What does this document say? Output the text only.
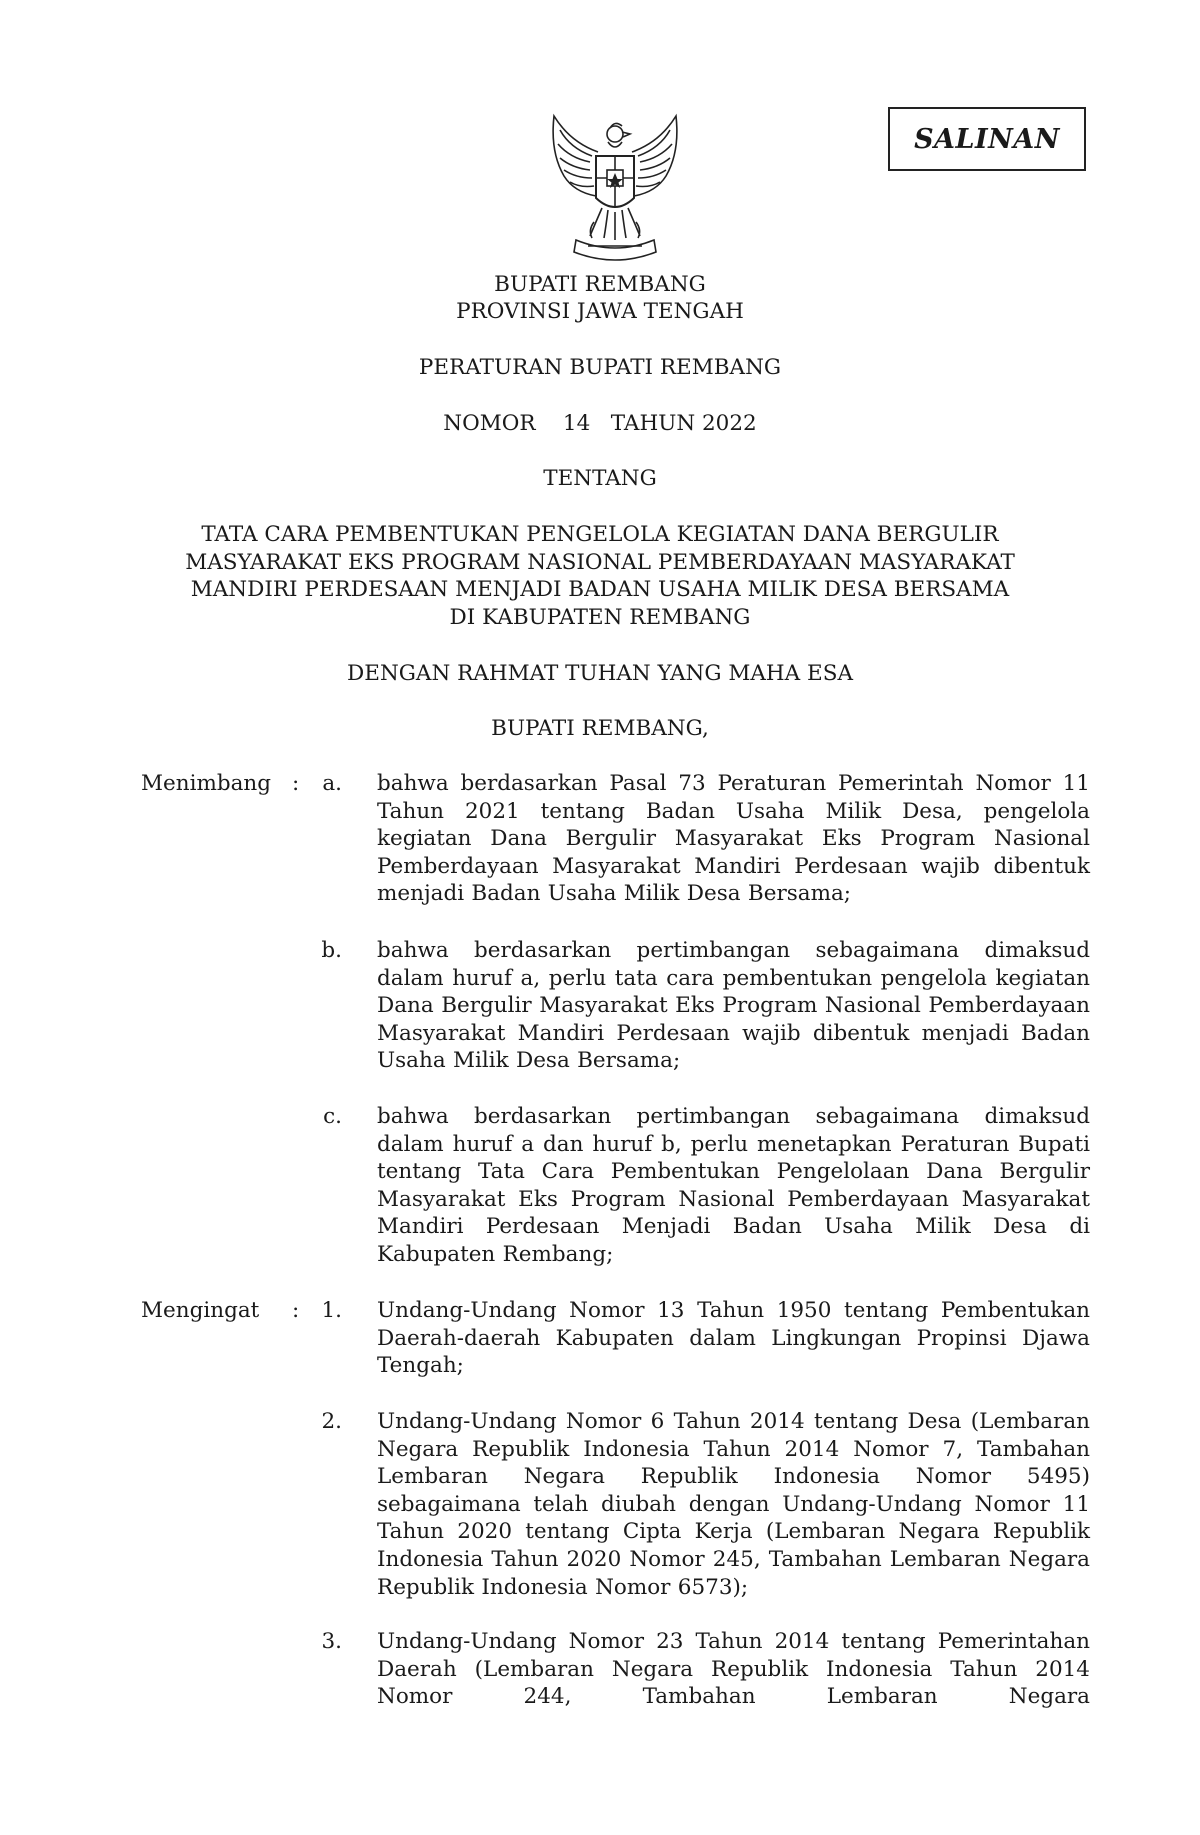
SALINAN
BUPATI REMBANG
PROVINSI JAWA TENGAH
PERATURAN BUPATI REMBANG
NOMOR    14   TAHUN 2022
TENTANG
TATA CARA PEMBENTUKAN PENGELOLA KEGIATAN DANA BERGULIR
MASYARAKAT EKS PROGRAM NASIONAL PEMBERDAYAAN MASYARAKAT
MANDIRI PERDESAAN MENJADI BADAN USAHA MILIK DESA BERSAMA
DI KABUPATEN REMBANG
DENGAN RAHMAT TUHAN YANG MAHA ESA
BUPATI REMBANG,
Menimbang :	a. bahwa berdasarkan Pasal 73 Peraturan Pemerintah Nomor 11 Tahun 2021 tentang Badan Usaha Milik Desa, pengelola kegiatan Dana Bergulir Masyarakat Eks Program Nasional Pemberdayaan Masyarakat Mandiri Perdesaan wajib dibentuk menjadi Badan Usaha Milik Desa Bersama;
b. bahwa berdasarkan pertimbangan sebagaimana dimaksud dalam huruf a, perlu tata cara pembentukan pengelola kegiatan Dana Bergulir Masyarakat Eks Program Nasional Pemberdayaan Masyarakat Mandiri Perdesaan wajib dibentuk menjadi Badan Usaha Milik Desa Bersama;
c. bahwa berdasarkan pertimbangan sebagaimana dimaksud dalam huruf a dan huruf b, perlu menetapkan Peraturan Bupati tentang Tata Cara Pembentukan Pengelolaan Dana Bergulir Masyarakat Eks Program Nasional Pemberdayaan Masyarakat Mandiri Perdesaan Menjadi Badan Usaha Milik Desa di Kabupaten Rembang;
Mengingat :	1. Undang-Undang Nomor 13 Tahun 1950 tentang Pembentukan Daerah-daerah Kabupaten dalam Lingkungan Propinsi Djawa Tengah;
2. Undang-Undang Nomor 6 Tahun 2014 tentang Desa (Lembaran Negara Republik Indonesia Tahun 2014 Nomor 7, Tambahan Lembaran Negara Republik Indonesia Nomor 5495) sebagaimana telah diubah dengan Undang-Undang Nomor 11 Tahun 2020 tentang Cipta Kerja (Lembaran Negara Republik Indonesia Tahun 2020 Nomor 245, Tambahan Lembaran Negara Republik Indonesia Nomor 6573);
3. Undang-Undang Nomor 23 Tahun 2014 tentang Pemerintahan Daerah (Lembaran Negara Republik Indonesia Tahun 2014 Nomor 244, Tambahan Lembaran Negara
